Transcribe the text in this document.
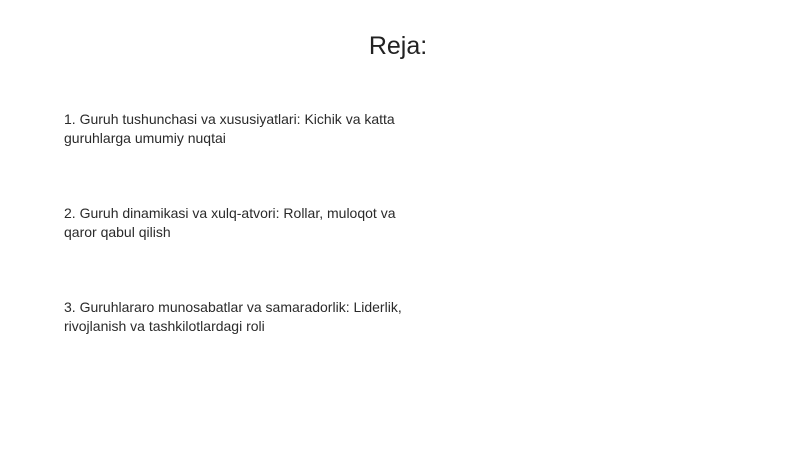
Reja:
1. Guruh tushunchasi va xususiyatlari: Kichik va katta guruhlarga umumiy nuqtai
2. Guruh dinamikasi va xulq-atvori: Rollar, muloqot va qaror qabul qilish
3. Guruhlararo munosabatlar va samaradorlik: Liderlik, rivojlanish va tashkilotlardagi roli
